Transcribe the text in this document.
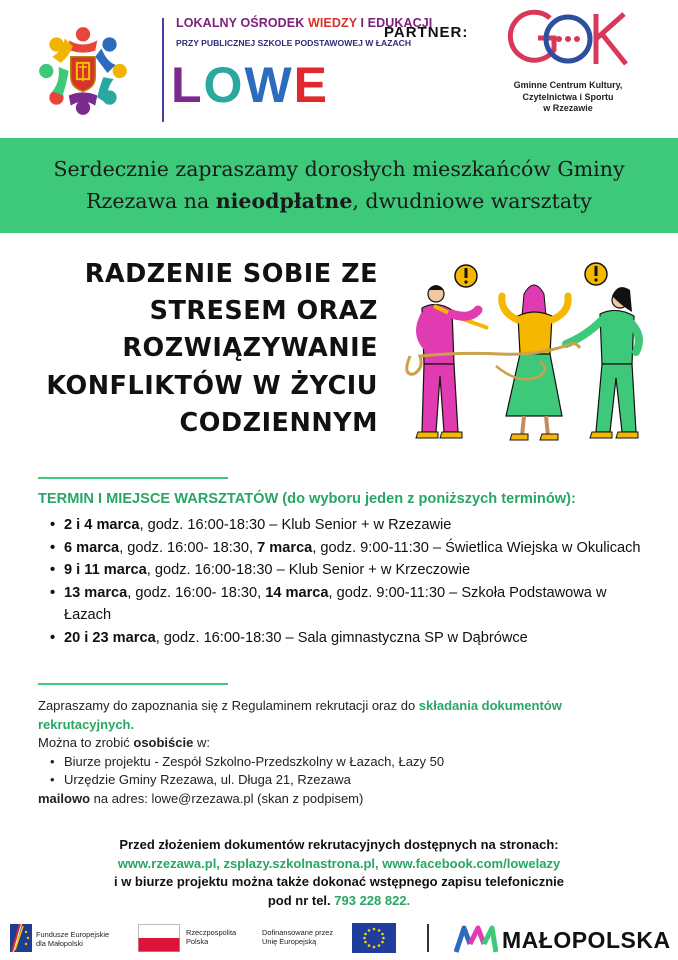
LOKALNY OŚRODEK WIEDZY I EDUKACJI
PRZY PUBLICZNEJ SZKOLE PODSTAWOWEJ W ŁAZACH
LOWE
PARTNER:
Gminne Centrum Kultury,
Czytelnictwa i Sportu
w Rzezawie

Serdecznie zapraszamy dorosłych mieszkańców Gminy Rzezawa na nieodpłatne, dwudniowe warsztaty

RADZENIE SOBIE ZE
STRESEM ORAZ
ROZWIĄZYWANIE
KONFLIKTÓW W ŻYCIU
CODZIENNYM
TERMIN I MIEJSCE WARSZTATÓW (do wyboru jeden z poniższych terminów):
• 2 i 4 marca, godz. 16:00-18:30 – Klub Senior + w Rzezawie
• 6 marca, godz. 16:00- 18:30, 7 marca, godz. 9:00-11:30 – Świetlica Wiejska w Okulicach
• 9 i 11 marca, godz. 16:00-18:30 – Klub Senior + w Krzeczowie
• 13 marca, godz. 16:00- 18:30, 14 marca, godz. 9:00-11:30 – Szkoła Podstawowa w Łazach
• 20 i 23 marca, godz. 16:00-18:30 – Sala gimnastyczna SP w Dąbrówce
Zapraszamy do zapoznania się z Regulaminem rekrutacji oraz do składania dokumentów rekrutacyjnych.
Można to zrobić osobiście w:
• Biurze projektu - Zespół Szkolno-Przedszkolny w Łazach, Łazy 50
• Urzędzie Gminy Rzezawa, ul. Długa 21, Rzezawa
mailowo na adres: lowe@rzezawa.pl (skan z podpisem)
Przed złożeniem dokumentów rekrutacyjnych dostępnych na stronach:
www.rzezawa.pl, zsplazy.szkolnastrona.pl, www.facebook.com/lowelazy
i w biurze projektu można także dokonać wstępnego zapisu telefonicznie
pod nr tel. 793 228 822.
Fundusze Europejskie
dla Małopolski
Rzeczpospolita
Polska
Dofinansowane przez
Unię Europejską	MAŁOPOLSKA
